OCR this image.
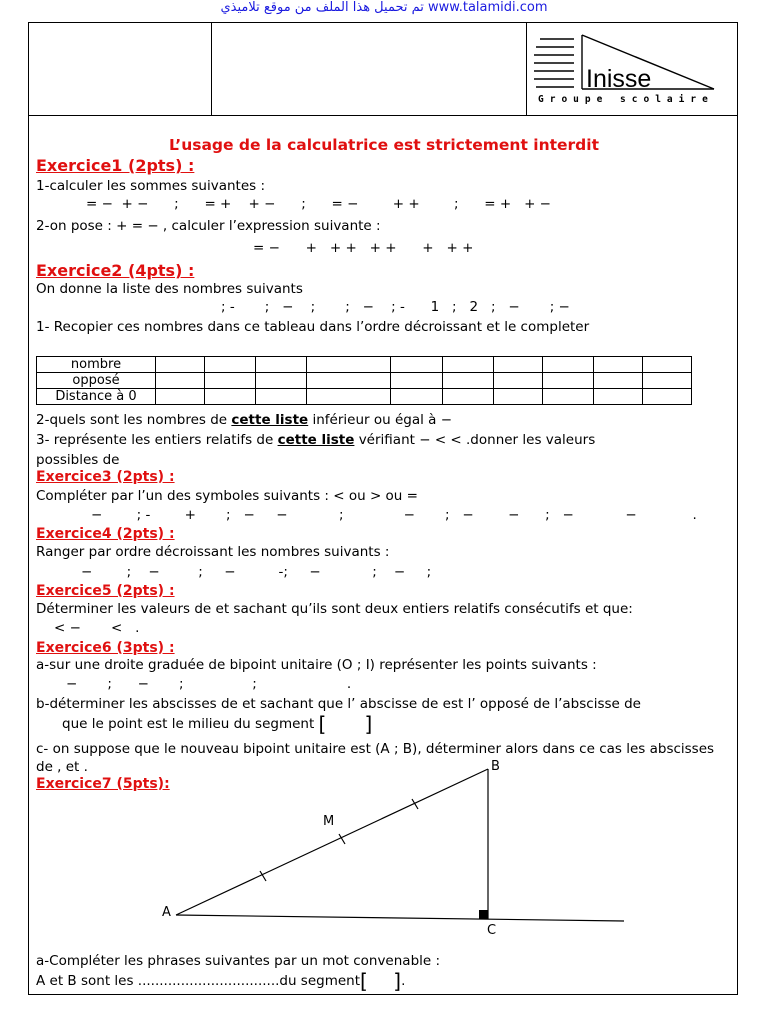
تم تحميل هذا الملف من موقع تلاميذي www.talamidi.com
Inisse
Groupe scolaire
L’usage de la calculatrice est strictement interdit
Exercice1 (2pts) :
1-calculer les sommes suivantes :
= −  + −      ;      = +    + −      ;      = −        + +        ;      = +   + −
2-on pose : + = − , calculer l’expression suivante :
= −      +   + +   + +      +   + +
Exercice2 (4pts) :
On donne la liste des nombres suivants
; -       ;   −    ;       ;   −    ; -      1   ;   2   ;   −       ; −
1- Recopier ces nombres dans ce tableau dans l’ordre décroissant et le completer
nombre										
opposé										
Distance à 0										
2-quels sont les nombres de cette liste inférieur ou égal à −
3- représente les entiers relatifs de cette liste vérifiant − < < .donner les valeurs
possibles de
Exercice3 (2pts) :
Compléter par l’un des symboles suivants : < ou > ou =
−        ; -        +       ;   −     −            ;              −       ;   −        −      ;   −            −             .
Exercice4 (2pts) :
Ranger par ordre décroissant les nombres suivants :
−        ;    −         ;     −          -;     −            ;    −     ;
Exercice5 (2pts) :
Déterminer les valeurs de et sachant qu’ils sont deux entiers relatifs consécutifs et que:
< −       <   .
Exercice6 (3pts) :
a-sur une droite graduée de bipoint unitaire (O ; I) représenter les points suivants :
−       ;      −       ;                ;                     .
b-déterminer les abscisses de et sachant que l’ abscisse de est l’ opposé de l’abscisse de
que le point est le milieu du segment [      ]
c- on suppose que le nouveau bipoint unitaire est (A ; B), déterminer alors dans ce cas les abscisses
de , et .
Exercice7 (5pts):
A
B
C
M
a-Compléter les phrases suivantes par un mot convenable :
A et B sont les .................................du segment[    ].
